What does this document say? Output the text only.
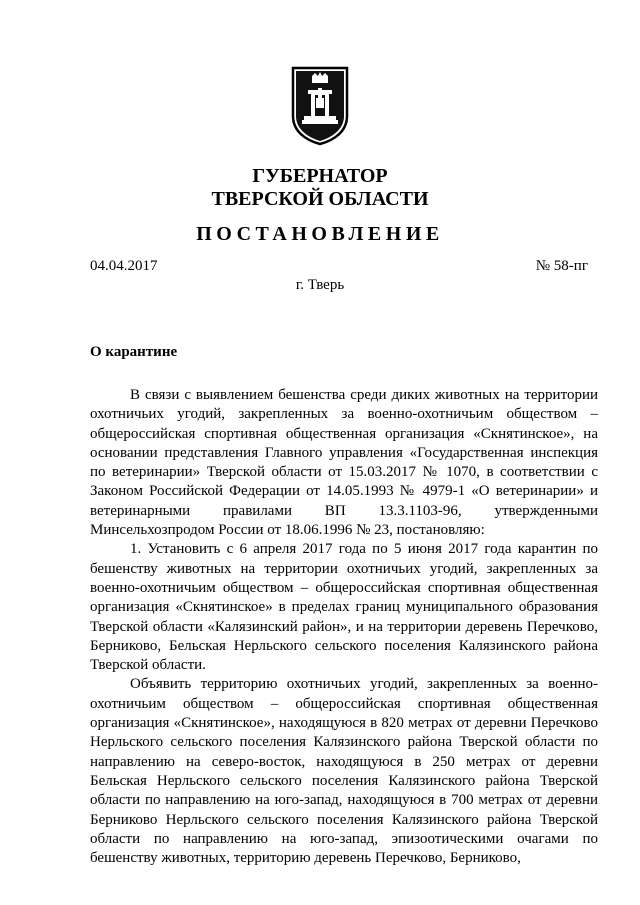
ГУБЕРНАТОР
ТВЕРСКОЙ ОБЛАСТИ
ПОСТАНОВЛЕНИЕ
04.04.2017	№ 58-пг
г. Тверь
О карантине

В связи с выявлением бешенства среди диких животных на территории охотничьих угодий, закрепленных за военно-охотничьим обществом – общероссийская спортивная общественная организация «Скнятинское», на основании представления Главного управления «Государственная инспекция по ветеринарии» Тверской области от 15.03.2017 № 1070, в соответствии с Законом Российской Федерации от 14.05.1993 № 4979-1 «О ветеринарии» и ветеринарными правилами ВП 13.3.1103-96, утвержденными Минсельхозпродом России от 18.06.1996 № 23, постановляю:

1. Установить с 6 апреля 2017 года по 5 июня 2017 года карантин по бешенству животных на территории охотничьих угодий, закрепленных за военно-охотничьим обществом – общероссийская спортивная общественная организация «Скнятинское» в пределах границ муниципального образования Тверской области «Калязинский район», и на территории деревень Перечково, Берниково, Бельская Нерльского сельского поселения Калязинского района Тверской области.

Объявить территорию охотничьих угодий, закрепленных за военно-охотничьим обществом – общероссийская спортивная общественная организация «Скнятинское», находящуюся в 820 метрах от деревни Перечково Нерльского сельского поселения Калязинского района Тверской области по направлению на северо-восток, находящуюся в 250 метрах от деревни Бельская Нерльского сельского поселения Калязинского района Тверской области по направлению на юго-запад, находящуюся в 700 метрах от деревни Берниково Нерльского сельского поселения Калязинского района Тверской области по направлению на юго-запад, эпизоотическими очагами по бешенству животных, территорию деревень Перечково, Берниково,
